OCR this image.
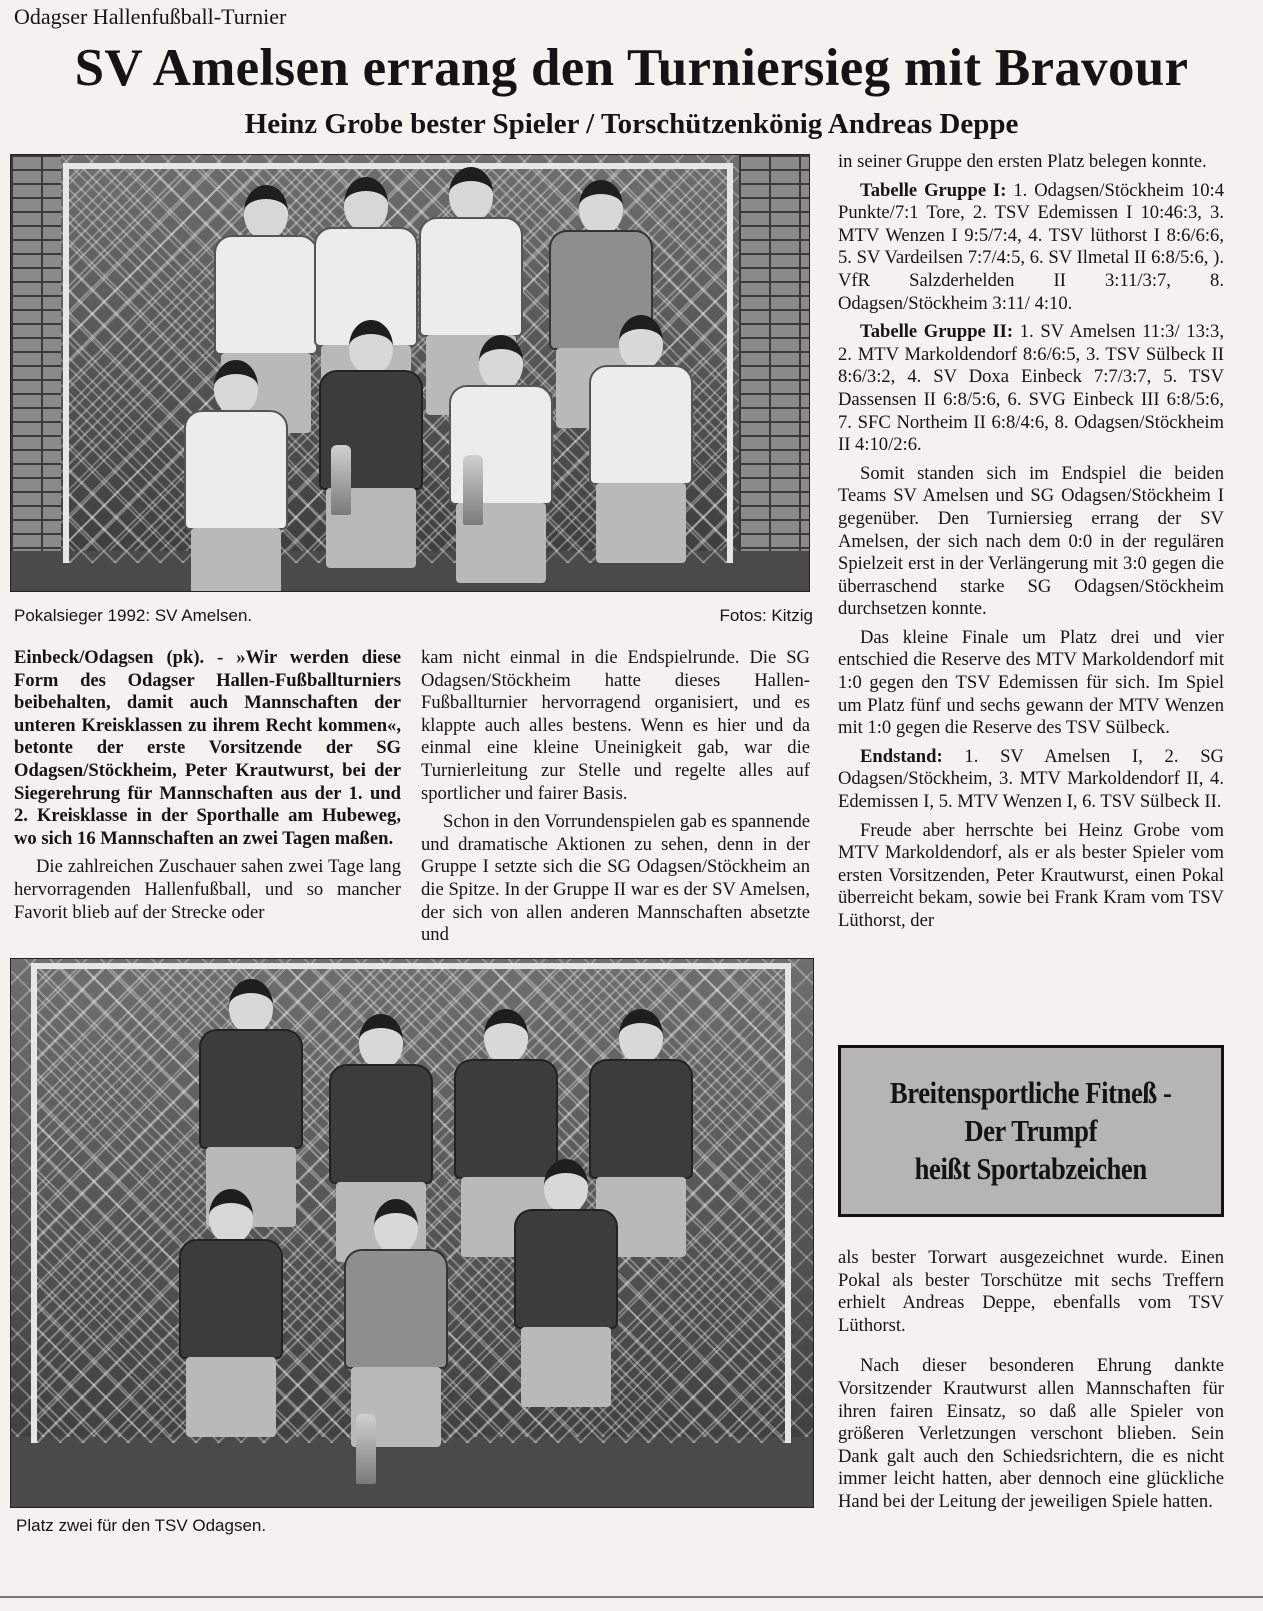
Odagser Hallenfußball-Turnier
SV Amelsen errang den Turniersieg mit Bravour
Heinz Grobe bester Spieler / Torschützenkönig Andreas Deppe
Pokalsieger 1992: SV Amelsen.	Fotos: Kitzig

Einbeck/Odagsen (pk). - »Wir werden diese Form des Odagser Hallen-Fußballturniers beibehalten, damit auch Mannschaften der unteren Kreisklassen zu ihrem Recht kommen«, betonte der erste Vorsitzende der SG Odagsen/Stöckheim, Peter Krautwurst, bei der Siegerehrung für Mannschaften aus der 1. und 2. Kreisklasse in der Sporthalle am Hubeweg, wo sich 16 Mannschaften an zwei Tagen maßen.

Die zahlreichen Zuschauer sahen zwei Tage lang hervorragenden Hallenfußball, und so mancher Favorit blieb auf der Strecke oder

kam nicht einmal in die Endspielrunde. Die SG Odagsen/Stöckheim hatte dieses Hallen-Fußballturnier hervorragend organisiert, und es klappte auch alles bestens. Wenn es hier und da einmal eine kleine Uneinigkeit gab, war die Turnierleitung zur Stelle und regelte alles auf sportlicher und fairer Basis.

Schon in den Vorrundenspielen gab es spannende und dramatische Aktionen zu sehen, denn in der Gruppe I setzte sich die SG Odagsen/Stöckheim an die Spitze. In der Gruppe II war es der SV Amelsen, der sich von allen anderen Mannschaften absetzte und

Platz zwei für den TSV Odagsen.

in seiner Gruppe den ersten Platz belegen konnte.

Tabelle Gruppe I: 1. Odagsen/Stöckheim 10:4 Punkte/7:1 Tore, 2. TSV Edemissen I 10:46:3, 3. MTV Wenzen I 9:5/7:4, 4. TSV lüthorst I 8:6/6:6, 5. SV Vardeilsen 7:7/4:5, 6. SV Ilmetal II 6:8/5:6, ). VfR Salzderhelden II 3:11/3:7, 8. Odagsen/Stöckheim 3:11/ 4:10.

Tabelle Gruppe II: 1. SV Amelsen 11:3/ 13:3, 2. MTV Markoldendorf 8:6/6:5, 3. TSV Sülbeck II 8:6/3:2, 4. SV Doxa Einbeck 7:7/3:7, 5. TSV Dassensen II 6:8/5:6, 6. SVG Einbeck III 6:8/5:6, 7. SFC Northeim II 6:8/4:6, 8. Odagsen/Stöckheim II 4:10/2:6.

Somit standen sich im Endspiel die beiden Teams SV Amelsen und SG Odagsen/Stöckheim I gegenüber. Den Turniersieg errang der SV Amelsen, der sich nach dem 0:0 in der regulären Spielzeit erst in der Verlängerung mit 3:0 gegen die überraschend starke SG Odagsen/Stöckheim durchsetzen konnte.

Das kleine Finale um Platz drei und vier entschied die Reserve des MTV Markoldendorf mit 1:0 gegen den TSV Edemissen für sich. Im Spiel um Platz fünf und sechs gewann der MTV Wenzen mit 1:0 gegen die Reserve des TSV Sülbeck.

Endstand: 1. SV Amelsen I, 2. SG Odagsen/Stöckheim, 3. MTV Markoldendorf II, 4. Edemissen I, 5. MTV Wenzen I, 6. TSV Sülbeck II.

Freude aber herrschte bei Heinz Grobe vom MTV Markoldendorf, als er als bester Spieler vom ersten Vorsitzenden, Peter Krautwurst, einen Pokal überreicht bekam, sowie bei Frank Kram vom TSV Lüthorst, der

Breitensportliche Fitneß -
Der Trumpf
heißt Sportabzeichen

als bester Torwart ausgezeichnet wurde. Einen Pokal als bester Torschütze mit sechs Treffern erhielt Andreas Deppe, ebenfalls vom TSV Lüthorst.

Nach dieser besonderen Ehrung dankte Vorsitzender Krautwurst allen Mannschaften für ihren fairen Einsatz, so daß alle Spieler von größeren Verletzungen verschont blieben. Sein Dank galt auch den Schiedsrichtern, die es nicht immer leicht hatten, aber dennoch eine glückliche Hand bei der Leitung der jeweiligen Spiele hatten.
